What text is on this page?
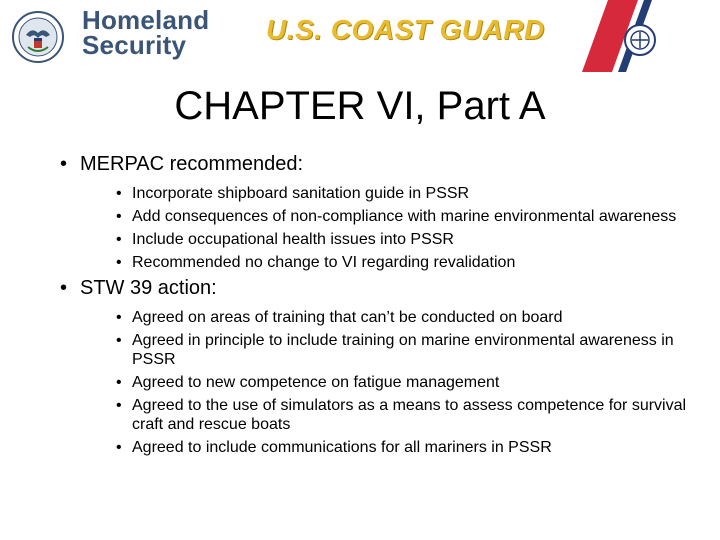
Homeland
Security	U.S. COAST GUARD
CHAPTER VI, Part A
• MERPAC recommended:
• Incorporate shipboard sanitation guide in PSSR
• Add consequences of non-compliance with marine environmental awareness
• Include occupational health issues into PSSR
• Recommended no change to VI regarding revalidation
• STW 39 action:
• Agreed on areas of training that can’t be conducted on board
• Agreed in principle to include training on marine environmental awareness in PSSR
• Agreed to new competence on fatigue management
• Agreed to the use of simulators as a means to assess competence for survival craft and rescue boats
• Agreed to include communications for all mariners in PSSR
